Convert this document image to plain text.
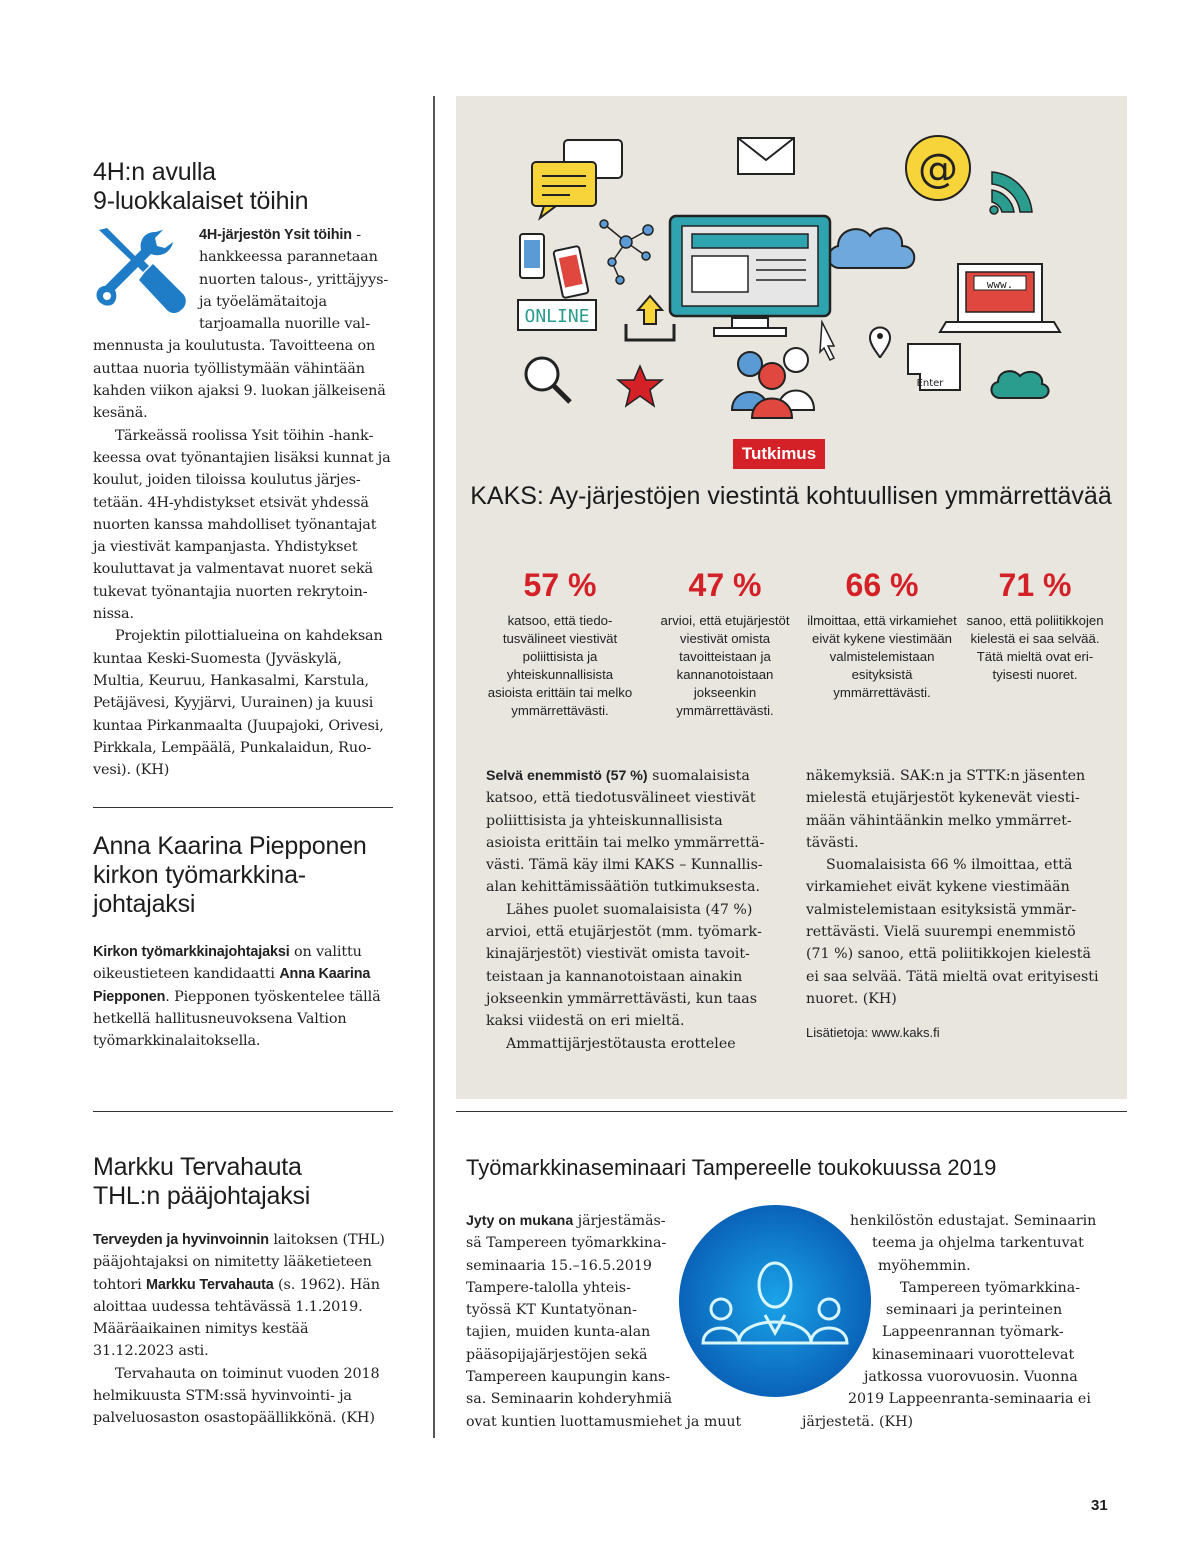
4H:n avulla
9-luokkalaiset töihin

4H-järjestön Ysit töihin -hankkeessa parannetaan nuorten talous-, yrittäjyys- ja työelämätaitoja tarjoamalla nuorille valmennusta ja koulutusta. Tavoitteena on auttaa nuoria työllistymään vähintään kahden viikon ajaksi 9. luokan jälkeisenä kesänä.

Tärkeässä roolissa Ysit töihin -hankkeessa ovat työnantajien lisäksi kunnat ja koulut, joiden tiloissa koulutus järjestetään. 4H-yhdistykset etsivät yhdessä nuorten kanssa mahdolliset työnantajat ja viestivät kampanjasta. Yhdistykset kouluttavat ja valmentavat nuoret sekä tukevat työnantajia nuorten rekrytoinnissa.

Projektin pilottialueina on kahdeksan kuntaa Keski-Suomesta (Jyväskylä, Multia, Keuruu, Hankasalmi, Karstula, Petäjävesi, Kyyjärvi, Uurainen) ja kuusi kuntaa Pirkanmaalta (Juupajoki, Orivesi, Pirkkala, Lempäälä, Punkalaidun, Ruovesi). (KH)

Anna Kaarina Piepponen kirkon työmarkkina-johtajaksi

Kirkon työmarkkinajohtajaksi on valittu oikeustieteen kandidaatti Anna Kaarina Piepponen. Piepponen työskentelee tällä hetkellä hallitusneuvoksena Valtion työmarkkinalaitoksella.

Markku Tervahauta THL:n pääjohtajaksi

Terveyden ja hyvinvoinnin laitoksen (THL) pääjohtajaksi on nimitetty lääketieteen tohtori Markku Tervahauta (s. 1962). Hän aloittaa uudessa tehtävässä 1.1.2019. Määräaikainen nimitys kestää 31.12.2023 asti.

Tervahauta on toiminut vuoden 2018 helmikuusta STM:ssä hyvinvointi- ja palveluosaston osastopäällikkönä. (KH)

@
ONLINE
www.
Enter
Tutkimus
KAKS: Ay-järjestöjen viestintä kohtuullisen ymmärrettävää
57 %
katsoo, että tiedotusvälineet viestivät poliittisista ja yhteiskunnallisista asioista erittäin tai melko ymmärrettävästi.
47 %
arvioi, että etujärjestöt viestivät omista tavoitteistaan ja kannanotoistaan jokseenkin ymmärrettävästi.
66 %
ilmoittaa, että virkamiehet eivät kykene viestimään valmistelemistaan esityksistä ymmärrettävästi.
71 %
sanoo, että poliitikkojen kielestä ei saa selvää. Tätä mieltä ovat erityisesti nuoret.

Selvä enemmistö (57 %) suomalaisista katsoo, että tiedotusvälineet viestivät poliittisista ja yhteiskunnallisista asioista erittäin tai melko ymmärrettävästi. Tämä käy ilmi KAKS – Kunnallisalan kehittämissäätiön tutkimuksesta.

Lähes puolet suomalaisista (47 %) arvioi, että etujärjestöt (mm. työmarkkinajärjestöt) viestivät omista tavoitteistaan ja kannanotoistaan ainakin jokseenkin ymmärrettävästi, kun taas kaksi viidestä on eri mieltä.

Ammattijärjestötausta erottelee

näkemyksiä. SAK:n ja STTK:n jäsenten mielestä etujärjestöt kykenevät viestimään vähintäänkin melko ymmärrettävästi.

Suomalaisista 66 % ilmoittaa, että virkamiehet eivät kykene viestimään valmistelemistaan esityksistä ymmärrettävästi. Vielä suurempi enemmistö (71 %) sanoo, että poliitikkojen kielestä ei saa selvää. Tätä mieltä ovat erityisesti nuoret. (KH)

Lisätietoja: www.kaks.fi

Työmarkkinaseminaari Tampereelle toukokuussa 2019
Jyty on mukana järjestämäs-
sä Tampereen työmarkkina-
seminaaria 15.–16.5.2019
Tampere-talolla yhteis-
työssä KT Kuntatyönan-
tajien, muiden kunta-alan
pääsopijajärjestöjen sekä
Tampereen kaupungin kans-
sa. Seminaarin kohderyhmiä
ovat kuntien luottamusmiehet ja muut
henkilöstön edustajat. Seminaarin
teema ja ohjelma tarkentuvat
myöhemmin.
Tampereen työmarkkina-
seminaari ja perinteinen
Lappeenrannan työmark-
kinaseminaari vuorottelevat
jatkossa vuorovuosin. Vuonna
2019 Lappeenranta-seminaaria ei
järjestetä. (KH)
31
